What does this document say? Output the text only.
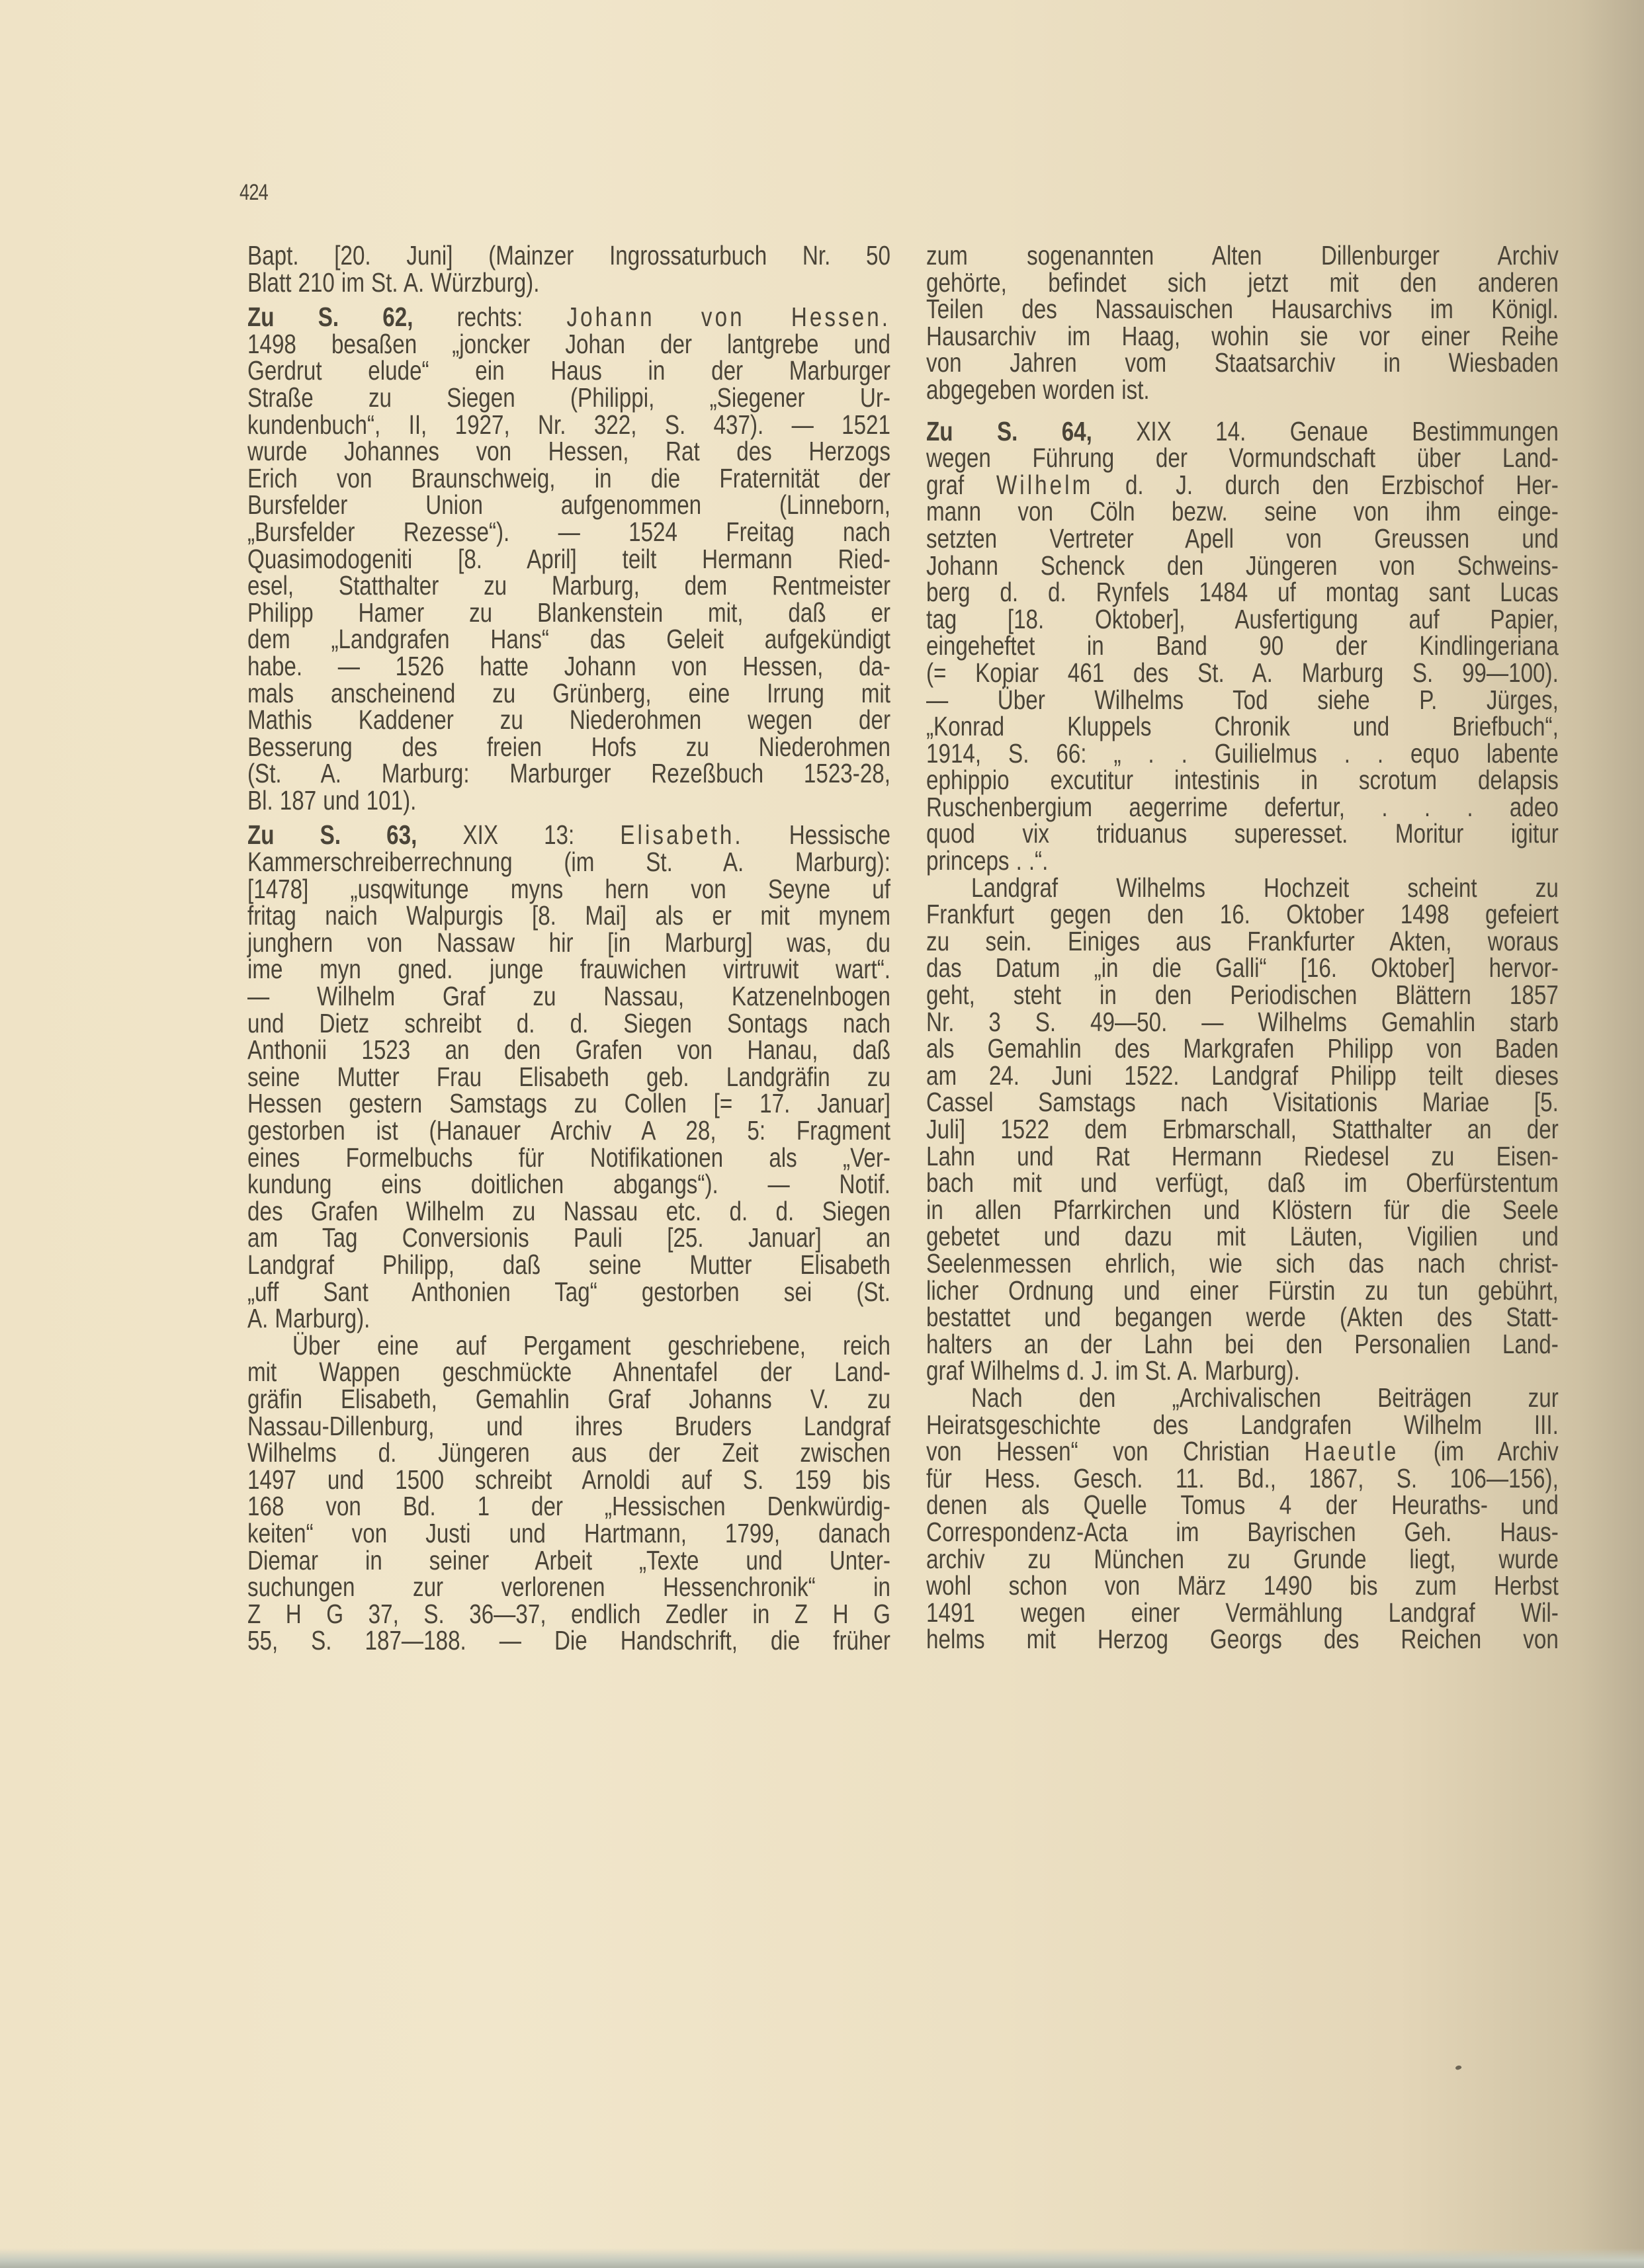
424
Bapt. [20. Juni] (Mainzer Ingrossaturbuch Nr. 50
Blatt 210 im St. A. Würzburg).
Zu S. 62, rechts: Johann von Hessen.
1498 besaßen „joncker Johan der lantgrebe und
Gerdrut elude“ ein Haus in der Marburger
Straße zu Siegen (Philippi, „Siegener Ur-
kundenbuch“, II, 1927, Nr. 322, S. 437). — 1521
wurde Johannes von Hessen, Rat des Herzogs
Erich von Braunschweig, in die Fraternität der
Bursfelder Union aufgenommen (Linneborn,
„Bursfelder Rezesse“). — 1524 Freitag nach
Quasimodogeniti [8. April] teilt Hermann Ried-
esel, Statthalter zu Marburg, dem Rentmeister
Philipp Hamer zu Blankenstein mit, daß er
dem „Landgrafen Hans“ das Geleit aufgekündigt
habe. — 1526 hatte Johann von Hessen, da-
mals anscheinend zu Grünberg, eine Irrung mit
Mathis Kaddener zu Niederohmen wegen der
Besserung des freien Hofs zu Niederohmen
(St. A. Marburg: Marburger Rezeßbuch 1523-28,
Bl. 187 und 101).
Zu S. 63, XIX 13: Elisabeth. Hessische
Kammerschreiberrechnung (im St. A. Marburg):
[1478] „usqwitunge myns hern von Seyne uf
fritag naich Walpurgis [8. Mai] als er mit mynem
junghern von Nassaw hir [in Marburg] was, du
ime myn gned. junge frauwichen virtruwit wart“.
— Wilhelm Graf zu Nassau, Katzenelnbogen
und Dietz schreibt d. d. Siegen Sontags nach
Anthonii 1523 an den Grafen von Hanau, daß
seine Mutter Frau Elisabeth geb. Landgräfin zu
Hessen gestern Samstags zu Collen [= 17. Januar]
gestorben ist (Hanauer Archiv A 28, 5: Fragment
eines Formelbuchs für Notifikationen als „Ver-
kundung eins doitlichen abgangs“). — Notif.
des Grafen Wilhelm zu Nassau etc. d. d. Siegen
am Tag Conversionis Pauli [25. Januar] an
Landgraf Philipp, daß seine Mutter Elisabeth
„uff Sant Anthonien Tag“ gestorben sei (St.
A. Marburg).
Über eine auf Pergament geschriebene, reich
mit Wappen geschmückte Ahnentafel der Land-
gräfin Elisabeth, Gemahlin Graf Johanns V. zu
Nassau-Dillenburg, und ihres Bruders Landgraf
Wilhelms d. Jüngeren aus der Zeit zwischen
1497 und 1500 schreibt Arnoldi auf S. 159 bis
168 von Bd. 1 der „Hessischen Denkwürdig-
keiten“ von Justi und Hartmann, 1799, danach
Diemar in seiner Arbeit „Texte und Unter-
suchungen zur verlorenen Hessenchronik“ in
Z H G 37, S. 36—37, endlich Zedler in Z H G
55, S. 187—188. — Die Handschrift, die früher
zum sogenannten Alten Dillenburger Archiv
gehörte, befindet sich jetzt mit den anderen
Teilen des Nassauischen Hausarchivs im Königl.
Hausarchiv im Haag, wohin sie vor einer Reihe
von Jahren vom Staatsarchiv in Wiesbaden
abgegeben worden ist.
Zu S. 64, XIX 14. Genaue Bestimmungen
wegen Führung der Vormundschaft über Land-
graf Wilhelm d. J. durch den Erzbischof Her-
mann von Cöln bezw. seine von ihm einge-
setzten Vertreter Apell von Greussen und
Johann Schenck den Jüngeren von Schweins-
berg d. d. Rynfels 1484 uf montag sant Lucas
tag [18. Oktober], Ausfertigung auf Papier,
eingeheftet in Band 90 der Kindlingeriana
(= Kopiar 461 des St. A. Marburg S. 99—100).
— Über Wilhelms Tod siehe P. Jürges,
„Konrad Kluppels Chronik und Briefbuch“,
1914, S. 66: „ . . Guilielmus . . equo labente
ephippio excutitur intestinis in scrotum delapsis
Ruschenbergium aegerrime defertur, . . . adeo
quod vix triduanus superesset. Moritur igitur
princeps . .“.
Landgraf Wilhelms Hochzeit scheint zu
Frankfurt gegen den 16. Oktober 1498 gefeiert
zu sein. Einiges aus Frankfurter Akten, woraus
das Datum „in die Galli“ [16. Oktober] hervor-
geht, steht in den Periodischen Blättern 1857
Nr. 3 S. 49—50. — Wilhelms Gemahlin starb
als Gemahlin des Markgrafen Philipp von Baden
am 24. Juni 1522. Landgraf Philipp teilt dieses
Cassel Samstags nach Visitationis Mariae [5.
Juli] 1522 dem Erbmarschall, Statthalter an der
Lahn und Rat Hermann Riedesel zu Eisen-
bach mit und verfügt, daß im Oberfürstentum
in allen Pfarrkirchen und Klöstern für die Seele
gebetet und dazu mit Läuten, Vigilien und
Seelenmessen ehrlich, wie sich das nach christ-
licher Ordnung und einer Fürstin zu tun gebührt,
bestattet und begangen werde (Akten des Statt-
halters an der Lahn bei den Personalien Land-
graf Wilhelms d. J. im St. A. Marburg).
Nach den „Archivalischen Beiträgen zur
Heiratsgeschichte des Landgrafen Wilhelm III.
von Hessen“ von Christian Haeutle (im Archiv
für Hess. Gesch. 11. Bd., 1867, S. 106—156),
denen als Quelle Tomus 4 der Heuraths- und
Correspondenz-Acta im Bayrischen Geh. Haus-
archiv zu München zu Grunde liegt, wurde
wohl schon von März 1490 bis zum Herbst
1491 wegen einer Vermählung Landgraf Wil-
helms mit Herzog Georgs des Reichen von
